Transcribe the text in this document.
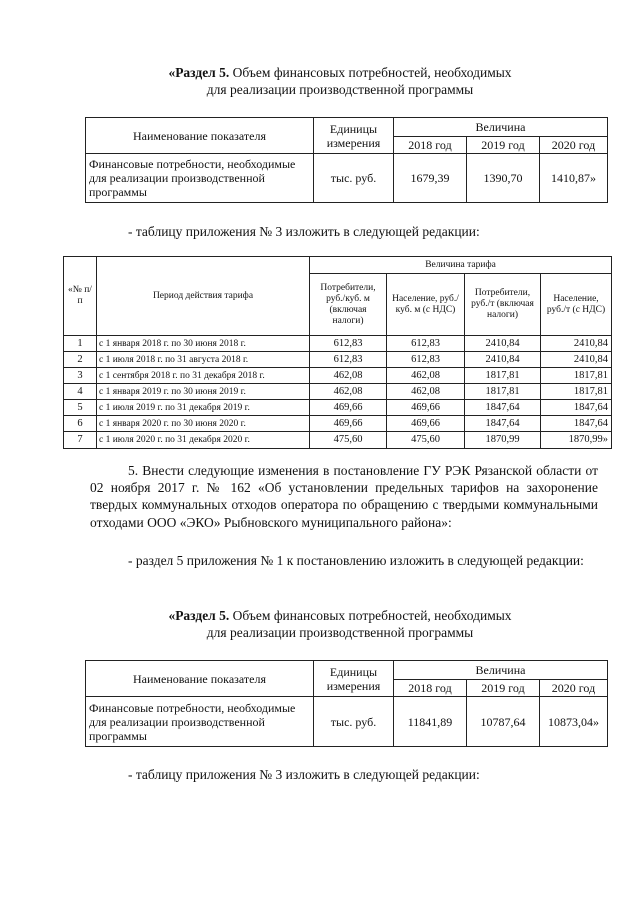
«Раздел 5. Объем финансовых потребностей, необходимых
для реализации производственной программы
Наименование показателя	Единицы измерения	Величина		
		2018 год	2019 год	2020 год
Финансовые потребности, необходимые для реализации производственной программы	тыс. руб.	1679,39	1390,70	1410,87»
- таблицу приложения № 3 изложить в следующей редакции:
«№ п/п	Период действия тарифа	Величина тарифа			
		Потребители, руб./куб. м (включая налоги)	Население, руб./куб. м (с НДС)	Потребители, руб./т (включая налоги)	Население, руб./т (с НДС)
1	с 1 января 2018 г. по 30 июня 2018 г.	612,83	612,83	2410,84	2410,84
2	с 1 июля 2018 г. по 31 августа 2018 г.	612,83	612,83	2410,84	2410,84
3	с 1 сентября 2018 г. по 31 декабря 2018 г.	462,08	462,08	1817,81	1817,81
4	с 1 января 2019 г. по 30 июня 2019 г.	462,08	462,08	1817,81	1817,81
5	с 1 июля 2019 г. по 31 декабря 2019 г.	469,66	469,66	1847,64	1847,64
6	с 1 января 2020 г. по 30 июня 2020 г.	469,66	469,66	1847,64	1847,64
7	с 1 июля 2020 г. по 31 декабря 2020 г.	475,60	475,60	1870,99	1870,99»
5. Внести следующие изменения в постановление ГУ РЭК Рязанской области от 02 ноября 2017 г. № 162 «Об установлении предельных тарифов на захоронение твердых коммунальных отходов оператора по обращению с твердыми коммунальными отходами ООО «ЭКО» Рыбновского муниципального района»:
- раздел 5 приложения № 1 к постановлению изложить в следующей редакции:
«Раздел 5. Объем финансовых потребностей, необходимых
для реализации производственной программы
Наименование показателя	Единицы измерения	Величина		
		2018 год	2019 год	2020 год
Финансовые потребности, необходимые для реализации производственной программы	тыс. руб.	11841,89	10787,64	10873,04»
- таблицу приложения № 3 изложить в следующей редакции:
